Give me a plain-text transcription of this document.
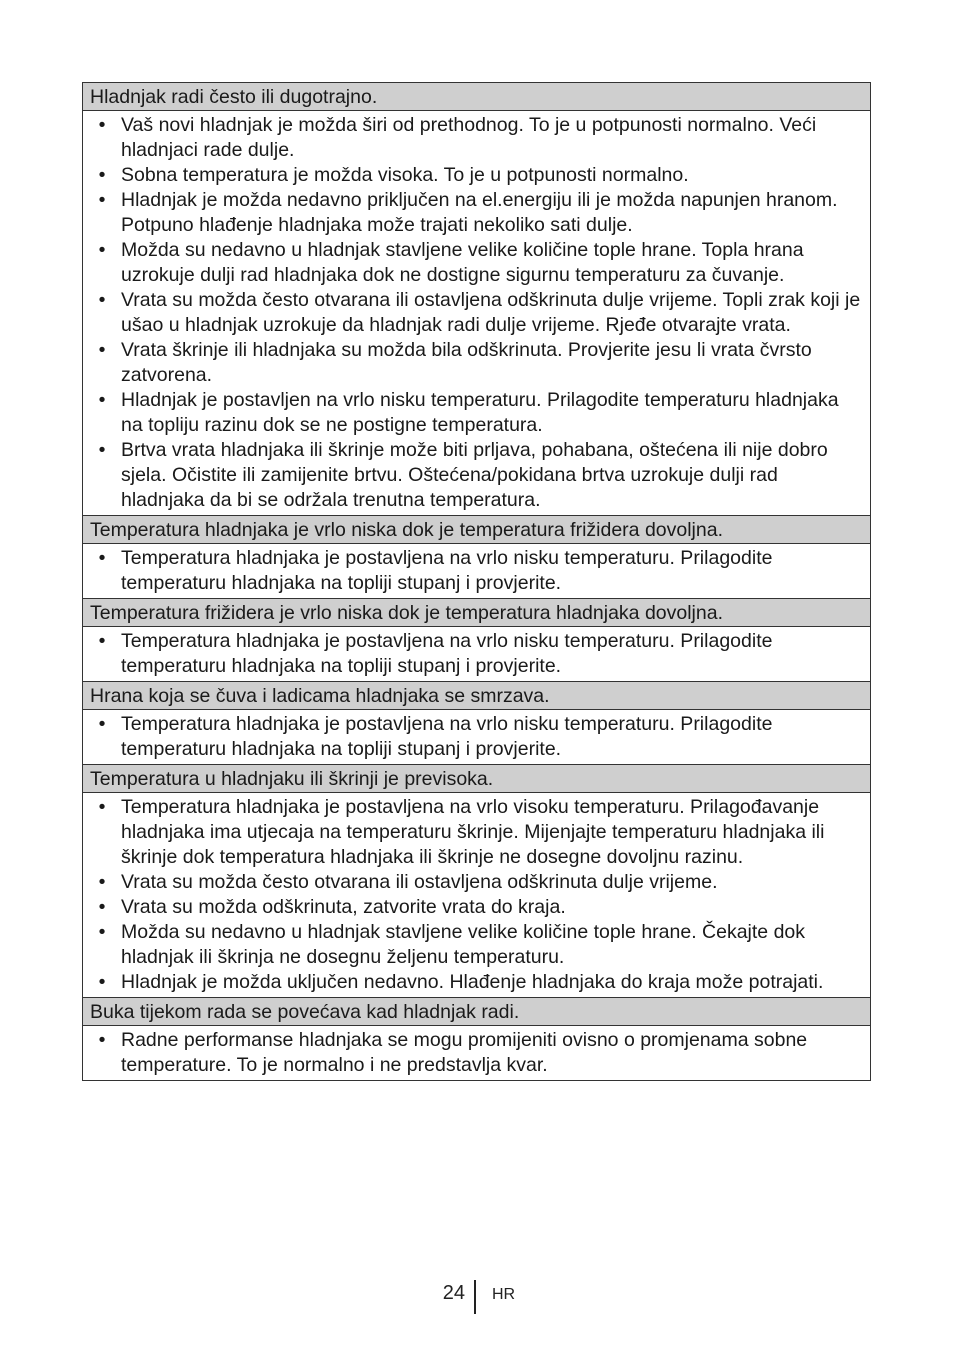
Hladnjak radi često ili dugotrajno.
• Vaš novi hladnjak je možda širi od prethodnog. To je u potpunosti normalno. Veći hladnjaci rade dulje.
• Sobna temperatura je možda visoka. To je u potpunosti normalno.
• Hladnjak je možda nedavno priključen na el.energiju ili je možda napunjen hranom. Potpuno hlađenje hladnjaka može trajati nekoliko sati dulje.
• Možda su nedavno u hladnjak stavljene velike količine tople hrane. Topla hrana uzrokuje dulji rad hladnjaka dok ne dostigne sigurnu temperaturu za čuvanje.
• Vrata su možda često otvarana ili ostavljena odškrinuta dulje vrijeme. Topli zrak koji je ušao u hladnjak uzrokuje da hladnjak radi dulje vrijeme. Rjeđe otvarajte vrata.
• Vrata škrinje ili hladnjaka su možda bila odškrinuta. Provjerite jesu li vrata čvrsto zatvorena.
• Hladnjak je postavljen na vrlo nisku temperaturu. Prilagodite temperaturu hladnjaka na topliju razinu dok se ne postigne temperatura.
• Brtva vrata hladnjaka ili škrinje može biti prljava, pohabana, oštećena ili nije dobro sjela. Očistite ili zamijenite brtvu. Oštećena/pokidana brtva uzrokuje dulji rad hladnjaka da bi se održala trenutna temperatura.
Temperatura hladnjaka je vrlo niska dok je temperatura frižidera dovoljna.
• Temperatura hladnjaka je postavljena na vrlo nisku temperaturu. Prilagodite temperaturu hladnjaka na topliji stupanj i provjerite.
Temperatura frižidera je vrlo niska dok je temperatura hladnjaka dovoljna.
• Temperatura hladnjaka je postavljena na vrlo nisku temperaturu. Prilagodite temperaturu hladnjaka na topliji stupanj i provjerite.
Hrana koja se čuva i ladicama hladnjaka se smrzava.
• Temperatura hladnjaka je postavljena na vrlo nisku temperaturu. Prilagodite temperaturu hladnjaka na topliji stupanj i provjerite.
Temperatura u hladnjaku ili škrinji je previsoka.
• Temperatura hladnjaka je postavljena na vrlo visoku temperaturu. Prilagođavanje hladnjaka ima utjecaja na temperaturu škrinje. Mijenjajte temperaturu hladnjaka ili škrinje dok temperatura hladnjaka ili škrinje ne dosegne dovoljnu razinu.
• Vrata su možda često otvarana ili ostavljena odškrinuta dulje vrijeme.
• Vrata su možda odškrinuta, zatvorite vrata do kraja.
• Možda su nedavno u hladnjak stavljene velike količine tople hrane. Čekajte dok hladnjak ili škrinja ne dosegnu željenu temperaturu.
• Hladnjak je možda uključen nedavno. Hlađenje hladnjaka do kraja može potrajati.
Buka tijekom rada se povećava kad hladnjak radi.
• Radne performanse hladnjaka se mogu promijeniti ovisno o promjenama sobne temperature. To je normalno i ne predstavlja kvar.
24 HR
